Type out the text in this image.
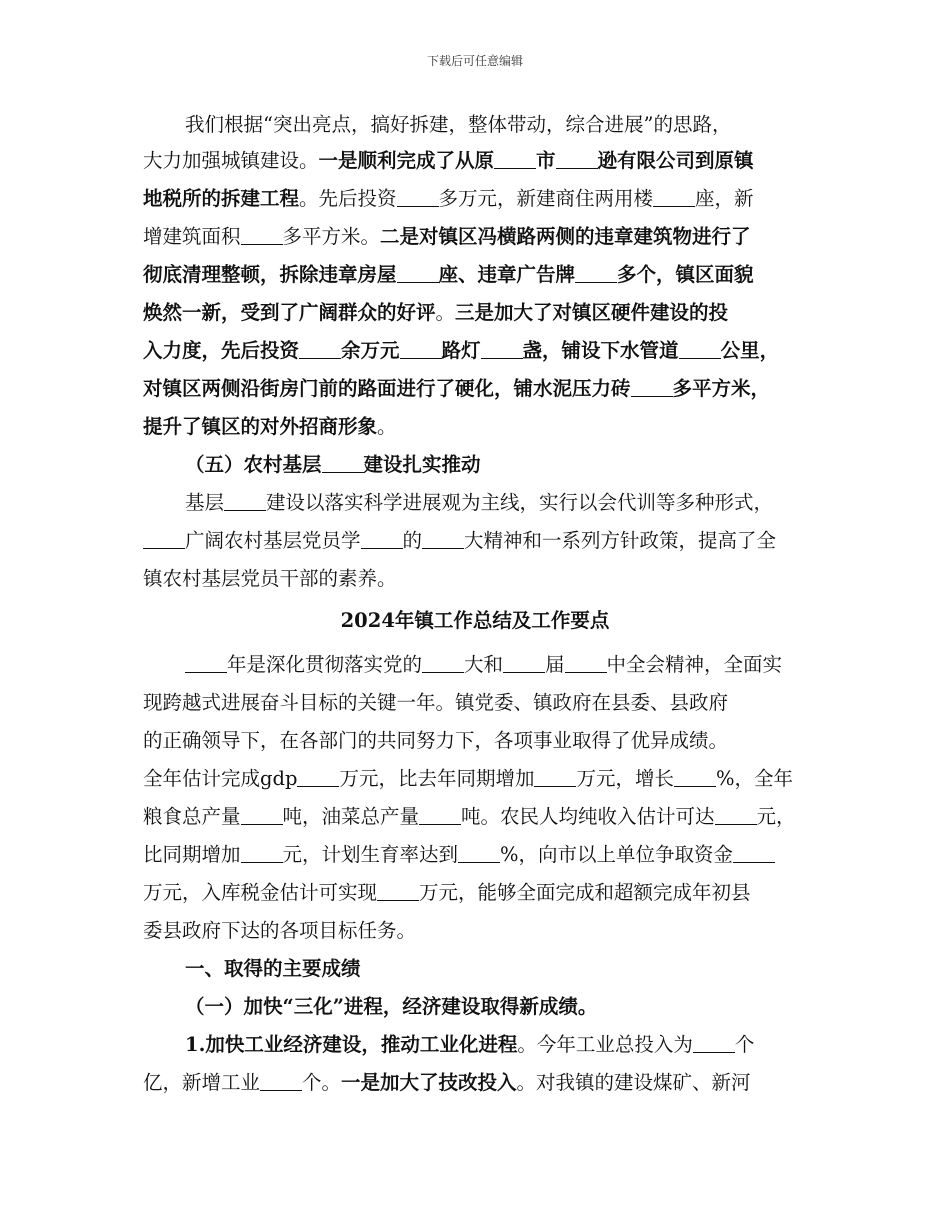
下载后可任意编辑
我们根据“突出亮点，搞好拆建，整体带动，综合进展”的思路，
大力加强城镇建设。一是顺利完成了从原 市 逊有限公司到原镇
地税所的拆建工程。先后投资 多万元，新建商住两用楼 座，新
增建筑面积 多平方米。二是对镇区冯横路两侧的违章建筑物进行了
彻底清理整顿，拆除违章房屋 座、违章广告牌 多个，镇区面貌
焕然一新，受到了广阔群众的好评。三是加大了对镇区硬件建设的投
入力度，先后投资 余万元 路灯 盏，铺设下水管道 公里，
对镇区两侧沿街房门前的路面进行了硬化，铺水泥压力砖 多平方米，
提升了镇区的对外招商形象。
（五）农村基层 建设扎实推动
基层 建设以落实科学进展观为主线，实行以会代训等多种形式，
广阔农村基层党员学 的 大精神和一系列方针政策，提高了全
镇农村基层党员干部的素养。
2024年镇工作总结及工作要点
年是深化贯彻落实党的 大和 届 中全会精神，全面实
现跨越式进展奋斗目标的关键一年。镇党委、镇政府在县委、县政府
的正确领导下，在各部门的共同努力下，各项事业取得了优异成绩。
全年估计完成gdp 万元，比去年同期增加 万元，增长 %，全年
粮食总产量 吨，油菜总产量 吨。农民人均纯收入估计可达 元，
比同期增加 元，计划生育率达到 %，向市以上单位争取资金
万元，入库税金估计可实现 万元，能够全面完成和超额完成年初县
委县政府下达的各项目标任务。
一、取得的主要成绩
（一）加快“三化”进程，经济建设取得新成绩。
1.加快工业经济建设，推动工业化进程。今年工业总投入为 个
亿，新增工业 个。一是加大了技改投入。对我镇的建设煤矿、新河
